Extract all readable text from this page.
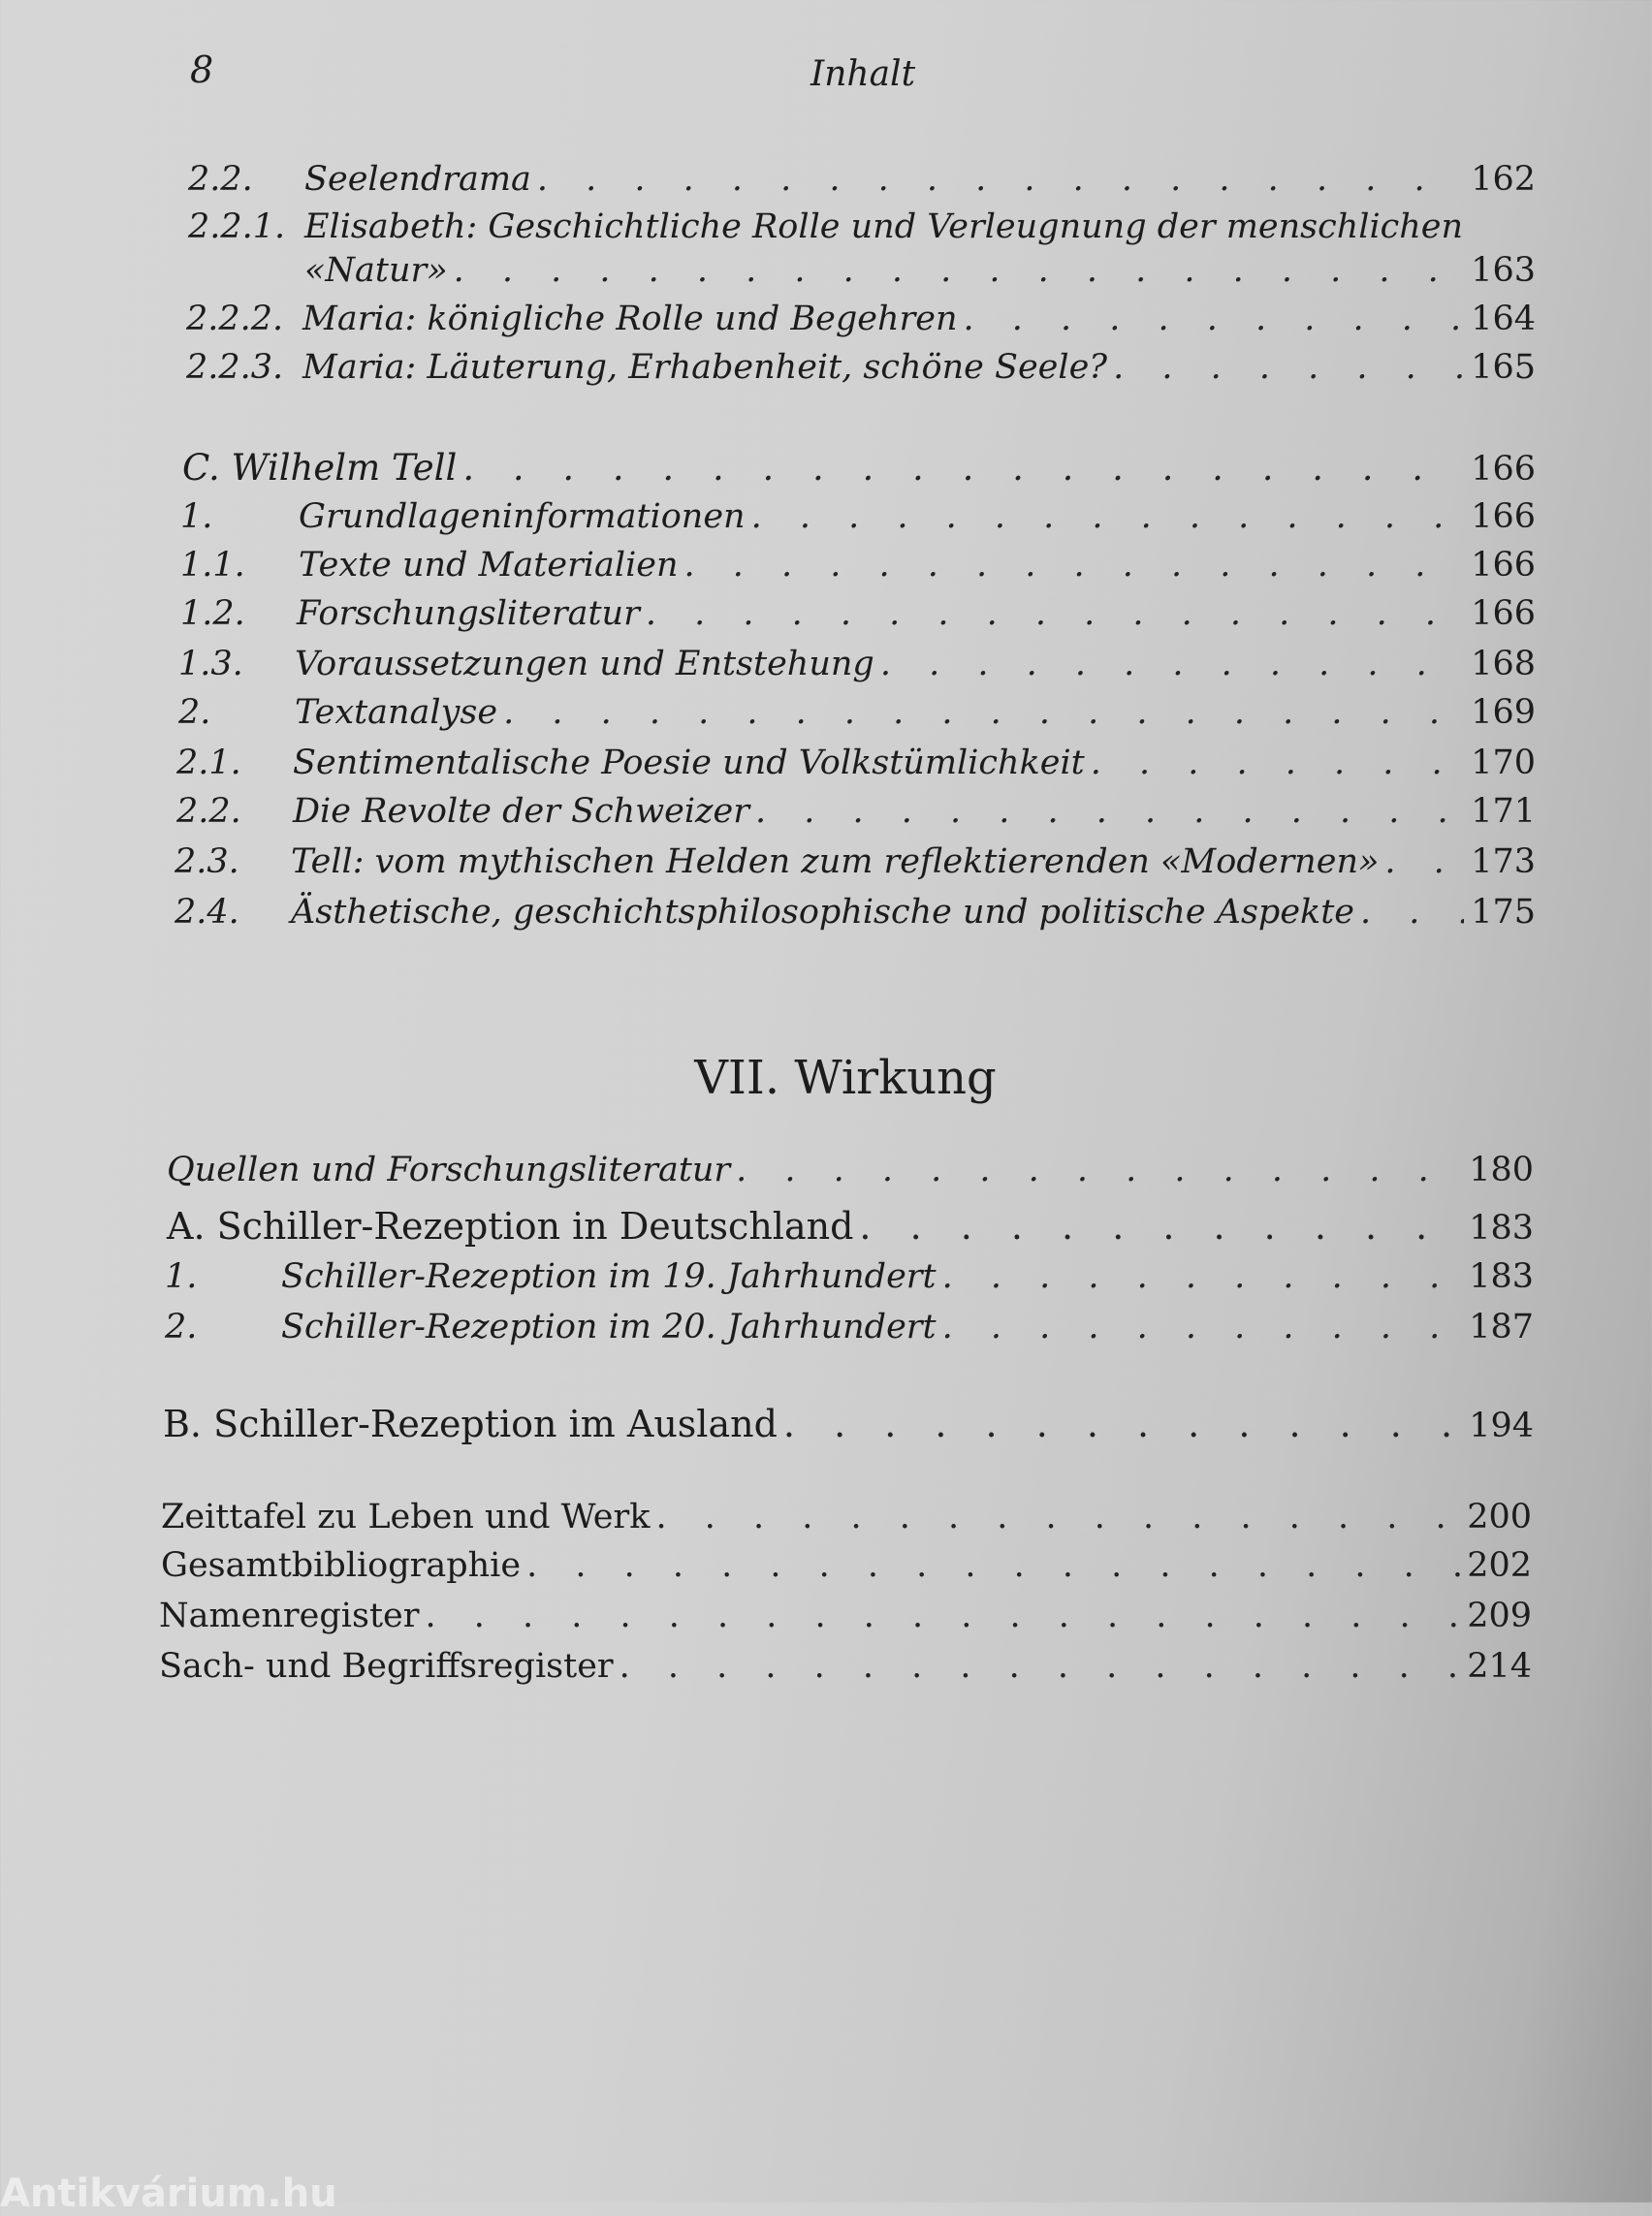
8	Inhalt
2.2.	Seelendrama . . .	162
2.2.1. Elisabeth: Geschichtliche Rolle und Verleugnung der menschlichen
«Natur» . . .	163
2.2.2. Maria: königliche Rolle und Begehren . . .	164
2.2.3. Maria: Läuterung, Erhabenheit, schöne Seele? . . .	165
C. Wilhelm Tell . . .	166
1.	Grundlageninformationen . . .	166
1.1.	Texte und Materialien . . .	166
1.2.	Forschungsliteratur . . .	166
1.3.	Voraussetzungen und Entstehung . . .	168
2.	Textanalyse . . .	169
2.1.	Sentimentalische Poesie und Volkstümlichkeit . . .	170
2.2.	Die Revolte der Schweizer . . .	171
2.3.	Tell: vom mythischen Helden zum reflektierenden «Modernen» . . .	173
2.4.	Ästhetische, geschichtsphilosophische und politische Aspekte . . .	175
VII. Wirkung
Quellen und Forschungsliteratur . . .	180
A. Schiller-Rezeption in Deutschland . . .	183
1.	Schiller-Rezeption im 19. Jahrhundert . . .	183
2.	Schiller-Rezeption im 20. Jahrhundert . . .	187
B. Schiller-Rezeption im Ausland . . .	194
Zeittafel zu Leben und Werk . . .	200
Gesamtbibliographie . . .	202
Namenregister . . .	209
Sach- und Begriffsregister . . .	214
Antikvárium.hu
